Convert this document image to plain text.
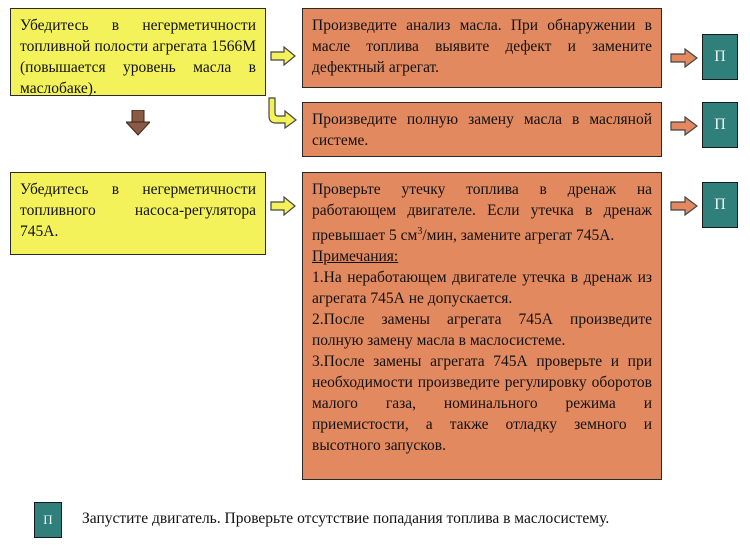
Убедитесь в негерметичности топливной полости агрегата 1566М (повышается уровень масла в маслобаке).
Убедитесь в негерметичности топливного насоса-регулятора 745А.
Произведите анализ масла. При обнаружении в масле топлива выявите дефект и замените дефектный агрегат.
Произведите полную замену масла в масляной системе.
Проверьте утечку топлива в дренаж на работающем двигателе. Если утечка в дренаж превышает 5 $см^3$/мин, замените агрегат 745А.
Примечания:
1.На неработающем двигателе утечка в дренаж из агрегата 745А не допускается.
2.После замены агрегата 745А произведите полную замену масла в маслосистеме.
3.После замены агрегата 745А проверьте и при необходимости произведите регулировку оборотов малого газа, номинального режима и приемистости, а также отладку земного и высотного запусков.
П
П
П
П	Запустите двигатель. Проверьте отсутствие попадания топлива в маслосистему.
